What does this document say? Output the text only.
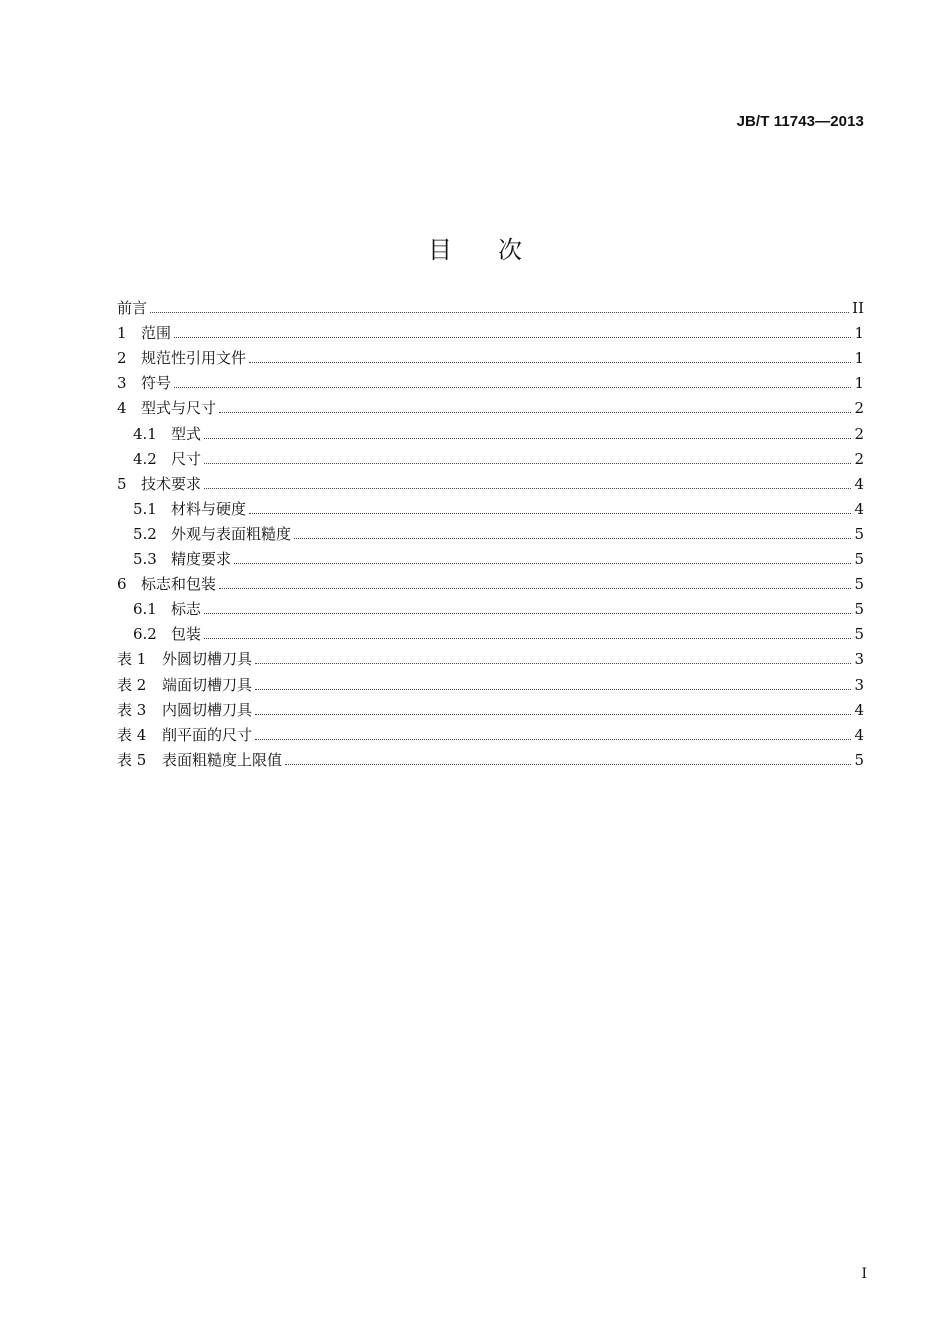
JB/T 11743—2013
目次
前言	II
1 范围	1
2 规范性引用文件	1
3 符号	1
4 型式与尺寸	2
4.1 型式	2
4.2 尺寸	2
5 技术要求	4
5.1 材料与硬度	4
5.2 外观与表面粗糙度	5
5.3 精度要求	5
6 标志和包装	5
6.1 标志	5
6.2 包装	5
表 1	外圆切槽刀具	3
表 2	端面切槽刀具	3
表 3	内圆切槽刀具	4
表 4	削平面的尺寸	4
表 5	表面粗糙度上限值	5
I
